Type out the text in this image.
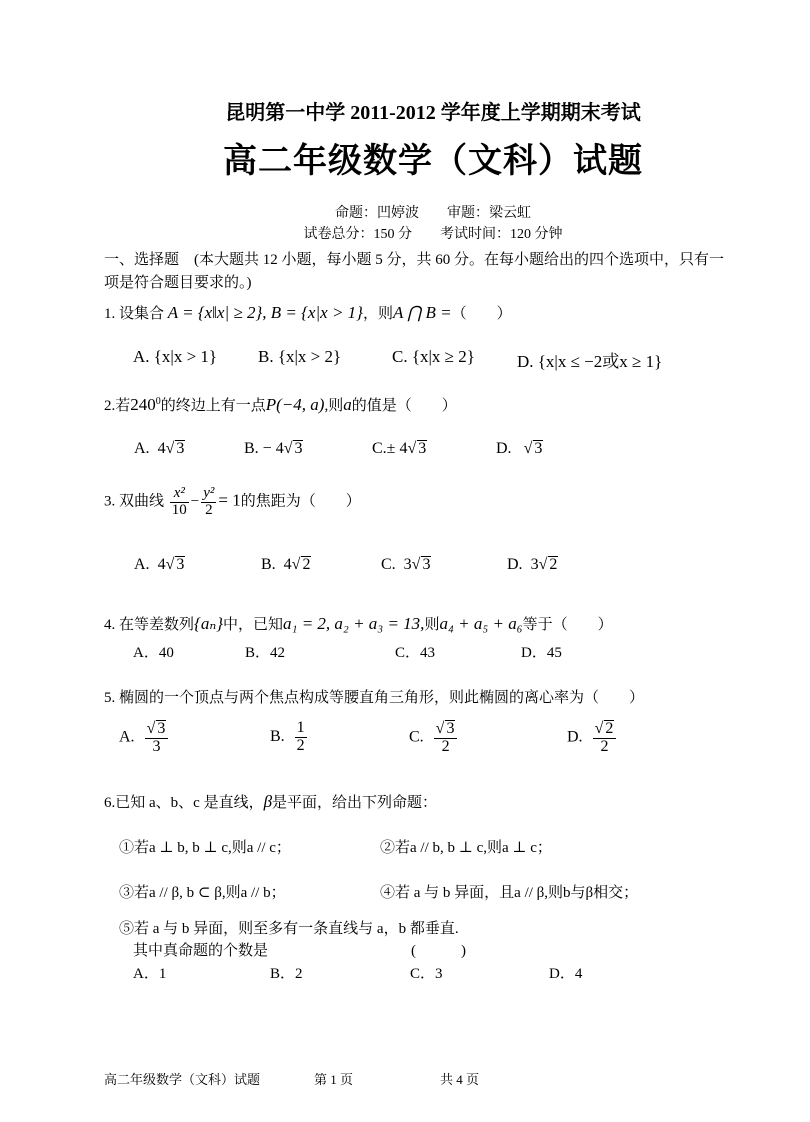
昆明第一中学 2011-2012 学年度上学期期末考试
高二年级数学（文科）试题
命题：凹婷波　　审题：梁云虹
试卷总分：150 分　　考试时间：120 分钟
一、选择题　(本大题共 12 小题，每小题 5 分，共 60 分。在每小题给出的四个选项中，只有一
项是符合题目要求的。)
1. 设集合 A = {x‖x| ≥ 2}, B = {x|x > 1}，则A ⋂ B =（　　）
A. {x|x > 1} B. {x|x > 2}	C. {x|x ≥ 2} D. {x|x ≤ −2或x ≥ 1}
2.若$240^0$的终边上有一点P(−4, a),则a的值是（　　）
A. 4√ 3	B. − 4√ 3	C.± 4√ 3	D. √ 3
3. 双曲线 $\frac{\text{x²}}{10} - \frac{\text{y²}}{2} = 1$的焦距为（　　）
A. 4√ 3	B. 4√ 2	C. 3√ 3	D. 3√ 2
4. 在等差数列{aₙ}中，已知a₁ = 2, a₂ + a₃ = 13,则a₄ + a₅ + a₆等于（　　）
A．40	B．42	C．43	D．45
5. 椭圆的一个顶点与两个焦点构成等腰直角三角形，则此椭圆的离心率为（　　）
A. $\frac{√ 3}{3}$	B. $\frac{1}{2}$	C. $\frac{√ 3}{2}$	D. $\frac{√ 2}{2}$
6.已知 a、b、c 是直线，β是平面，给出下列命题：
①若a ⊥ b, b ⊥ c,则a // c；	②若a // b, b ⊥ c,则a ⊥ c；
③若a // β, b ⊂ β,则a // b；	④若 a 与 b 异面，且a // β,则b与β相交；
⑤若 a 与 b 异面，则至多有一条直线与 a，b 都垂直.
其中真命题的个数是	(　　　)
A．1	B．2	C．3	D．4
高二年级数学（文科）试题	第 1 页	共 4 页
